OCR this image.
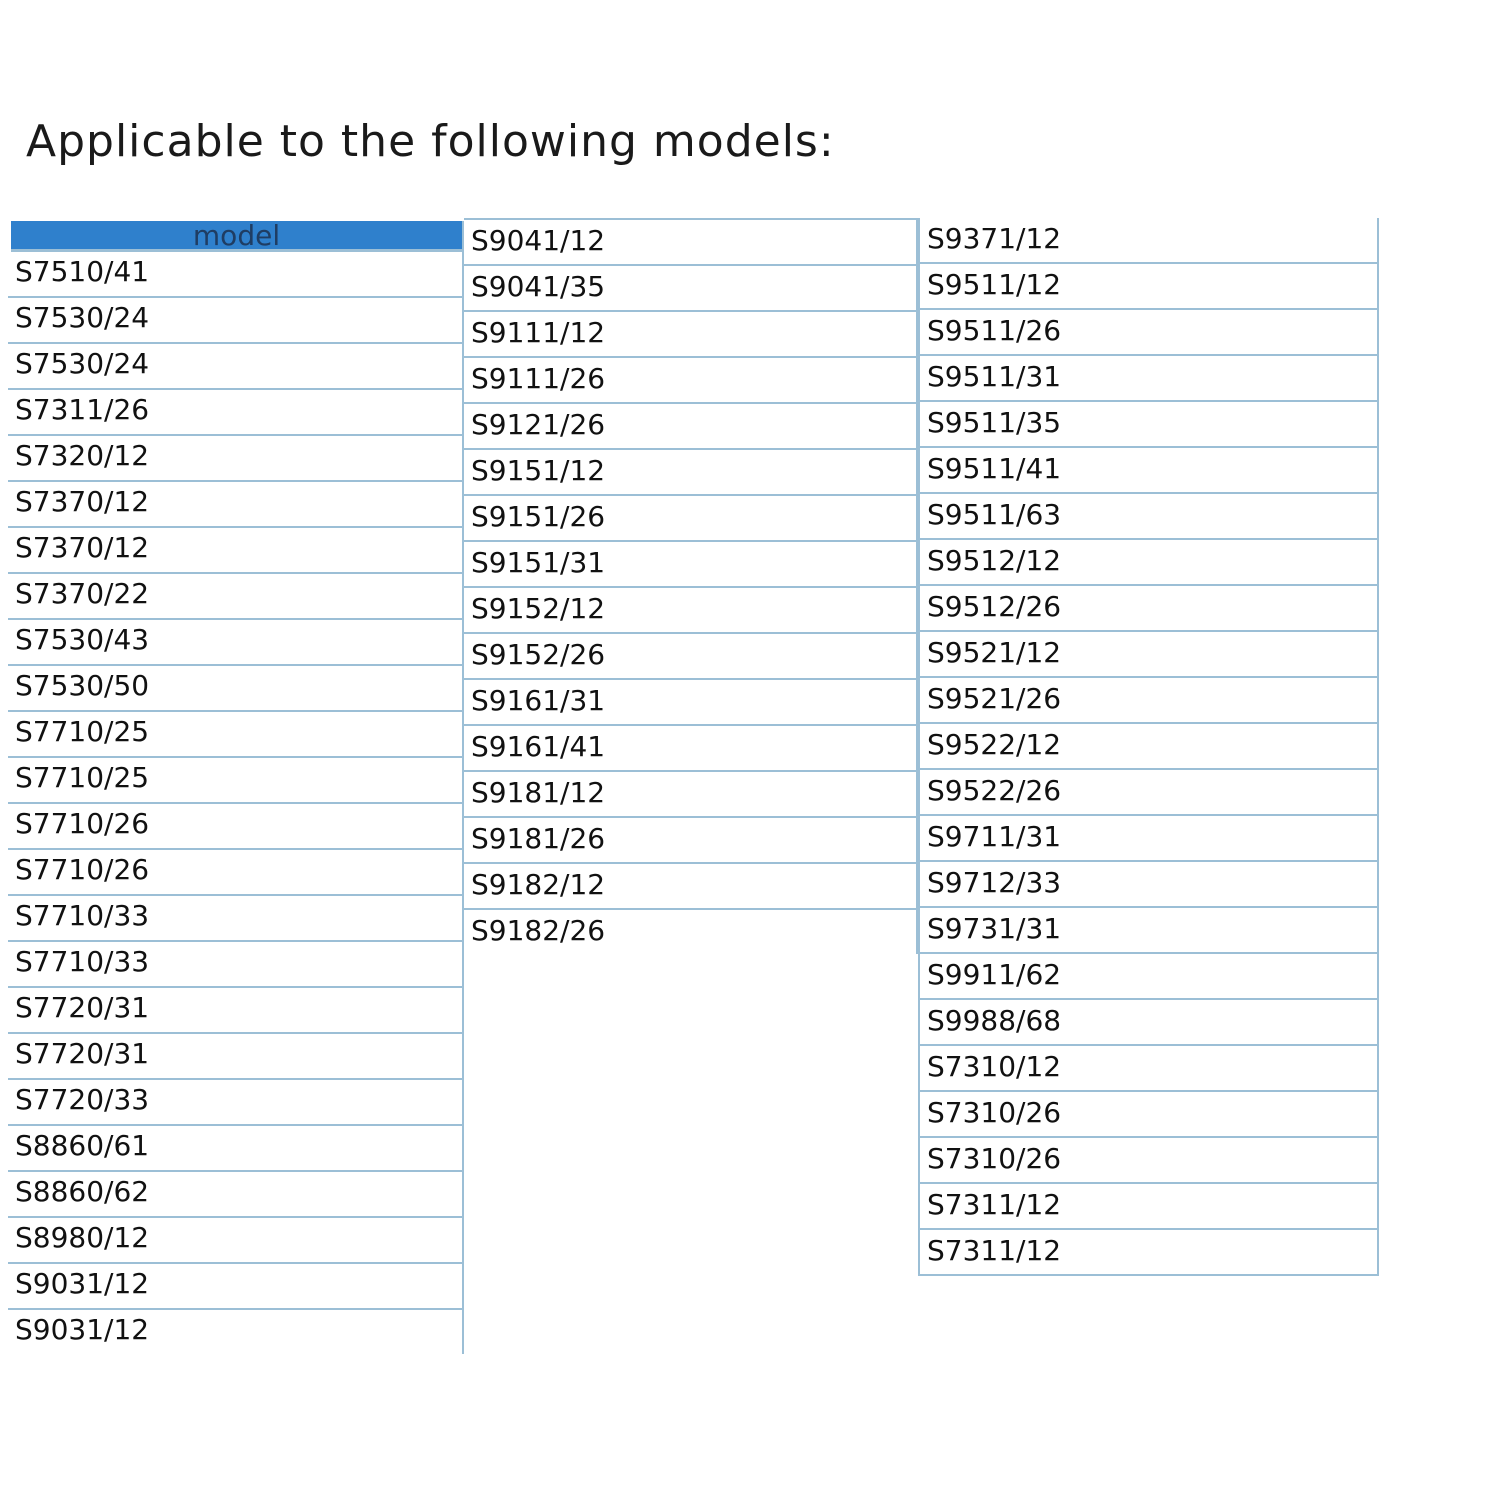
Applicable to the following models:
model
S7510/41
S7530/24
S7530/24
S7311/26
S7320/12
S7370/12
S7370/12
S7370/22
S7530/43
S7530/50
S7710/25
S7710/25
S7710/26
S7710/26
S7710/33
S7710/33
S7720/31
S7720/31
S7720/33
S8860/61
S8860/62
S8980/12
S9031/12
S9031/12
S9041/12
S9041/35
S9111/12
S9111/26
S9121/26
S9151/12
S9151/26
S9151/31
S9152/12
S9152/26
S9161/31
S9161/41
S9181/12
S9181/26
S9182/12
S9182/26
S9371/12
S9511/12
S9511/26
S9511/31
S9511/35
S9511/41
S9511/63
S9512/12
S9512/26
S9521/12
S9521/26
S9522/12
S9522/26
S9711/31
S9712/33
S9731/31
S9911/62
S9988/68
S7310/12
S7310/26
S7310/26
S7311/12
S7311/12
